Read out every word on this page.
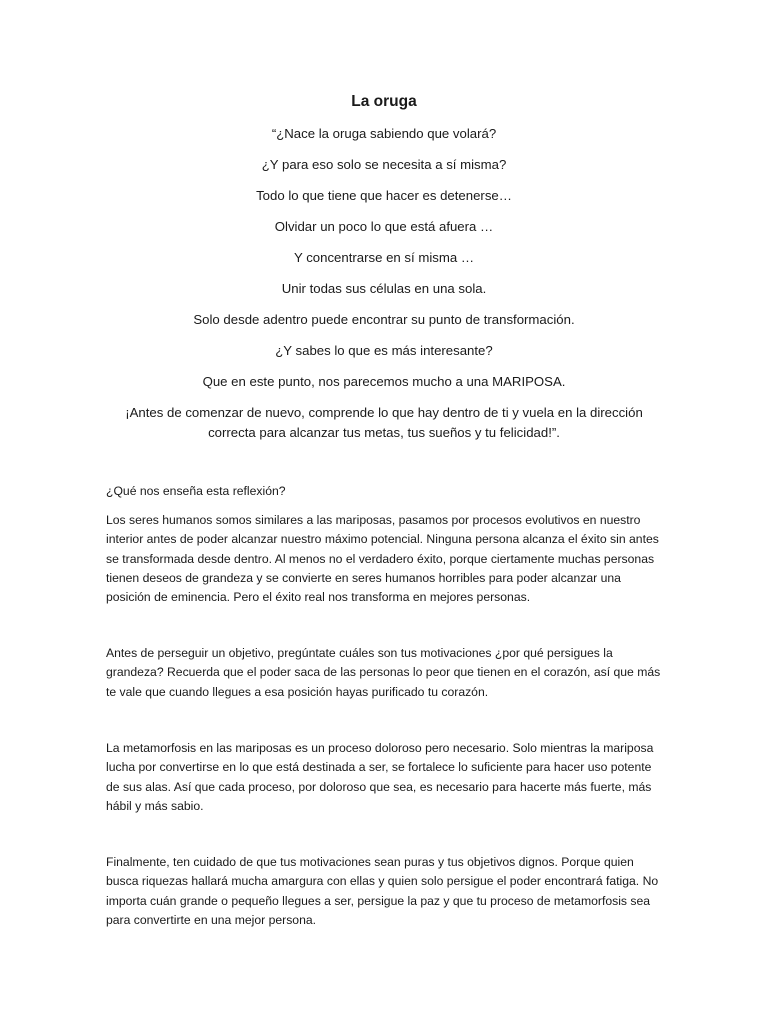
La oruga
“¿Nace la oruga sabiendo que volará?
¿Y para eso solo se necesita a sí misma?
Todo lo que tiene que hacer es detenerse…
Olvidar un poco lo que está afuera …
Y concentrarse en sí misma …
Unir todas sus células en una sola.
Solo desde adentro puede encontrar su punto de transformación.
¿Y sabes lo que es más interesante?
Que en este punto, nos parecemos mucho a una MARIPOSA.
¡Antes de comenzar de nuevo, comprende lo que hay dentro de ti y vuela en la dirección correcta para alcanzar tus metas, tus sueños y tu felicidad!”.
¿Qué nos enseña esta reflexión?
Los seres humanos somos similares a las mariposas, pasamos por procesos evolutivos en nuestro interior antes de poder alcanzar nuestro máximo potencial. Ninguna persona alcanza el éxito sin antes se transformada desde dentro. Al menos no el verdadero éxito, porque ciertamente muchas personas tienen deseos de grandeza y se convierte en seres humanos horribles para poder alcanzar una posición de eminencia. Pero el éxito real nos transforma en mejores personas.
Antes de perseguir un objetivo, pregúntate cuáles son tus motivaciones ¿por qué persigues la grandeza? Recuerda que el poder saca de las personas lo peor que tienen en el corazón, así que más te vale que cuando llegues a esa posición hayas purificado tu corazón.
La metamorfosis en las mariposas es un proceso doloroso pero necesario. Solo mientras la mariposa lucha por convertirse en lo que está destinada a ser, se fortalece lo suficiente para hacer uso potente de sus alas. Así que cada proceso, por doloroso que sea, es necesario para hacerte más fuerte, más hábil y más sabio.
Finalmente, ten cuidado de que tus motivaciones sean puras y tus objetivos dignos. Porque quien busca riquezas hallará mucha amargura con ellas y quien solo persigue el poder encontrará fatiga. No importa cuán grande o pequeño llegues a ser, persigue la paz y que tu proceso de metamorfosis sea para convertirte en una mejor persona.
